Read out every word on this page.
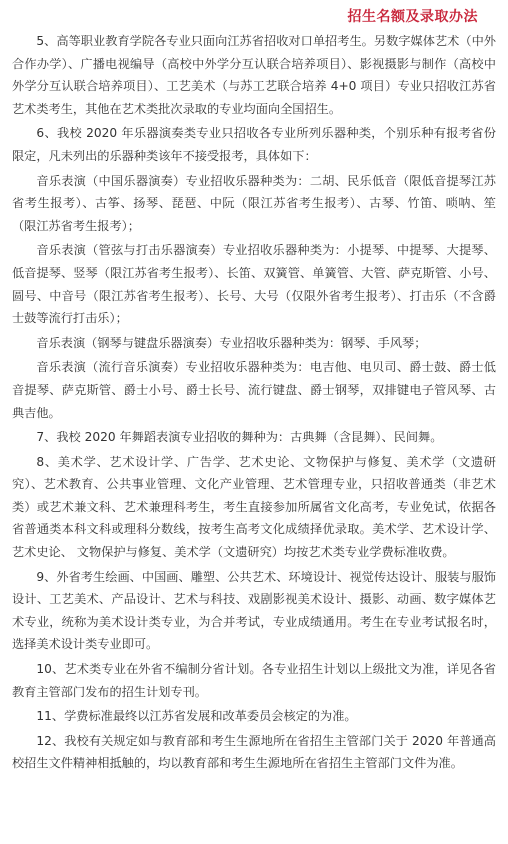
招生名额及录取办法

5、高等职业教育学院各专业只面向江苏省招收对口单招考生。另数字媒体艺术（中外合作办学）、广播电视编导（高校中外学分互认联合培养项目）、影视摄影与制作（高校中外学分互认联合培养项目）、工艺美术（与苏工艺联合培养 4+0 项目）专业只招收江苏省艺术类考生，其他在艺术类批次录取的专业均面向全国招生。

6、我校 2020 年乐器演奏类专业只招收各专业所列乐器种类，个别乐种有报考省份限定，凡未列出的乐器种类该年不接受报考，具体如下：

音乐表演（中国乐器演奏）专业招收乐器种类为：二胡、民乐低音（限低音提琴江苏省考生报考）、古筝、扬琴、琵琶、中阮（限江苏省考生报考）、古琴、竹笛、唢呐、笙（限江苏省考生报考）；

音乐表演（管弦与打击乐器演奏）专业招收乐器种类为：小提琴、中提琴、大提琴、低音提琴、竖琴（限江苏省考生报考）、长笛、双簧管、单簧管、大管、萨克斯管、小号、圆号、中音号（限江苏省考生报考）、长号、大号（仅限外省考生报考）、打击乐（不含爵士鼓等流行打击乐）；

音乐表演（钢琴与键盘乐器演奏）专业招收乐器种类为：钢琴、手风琴；

音乐表演（流行音乐演奏）专业招收乐器种类为：电吉他、电贝司、爵士鼓、爵士低音提琴、萨克斯管、爵士小号、爵士长号、流行键盘、爵士钢琴，双排键电子管风琴、古典吉他。

7、我校 2020 年舞蹈表演专业招收的舞种为：古典舞（含昆舞）、民间舞。

8、美术学、艺术设计学、广告学、艺术史论、文物保护与修复、美术学（文遗研究）、艺术教育、公共事业管理、文化产业管理、艺术管理专业，只招收普通类（非艺术类）或艺术兼文科、艺术兼理科考生，考生直接参加所属省文化高考，专业免试，依据各省普通类本科文科或理科分数线，按考生高考文化成绩择优录取。美术学、艺术设计学、艺术史论、 文物保护与修复、美术学（文遗研究）均按艺术类专业学费标准收费。

9、外省考生绘画、中国画、雕塑、公共艺术、环境设计、视觉传达设计、服装与服饰设计、工艺美术、产品设计、艺术与科技、戏剧影视美术设计、摄影、动画、数字媒体艺术专业，统称为美术设计类专业，为合并考试，专业成绩通用。考生在专业考试报名时，选择美术设计类专业即可。

10、艺术类专业在外省不编制分省计划。各专业招生计划以上级批文为准，详见各省教育主管部门发布的招生计划专刊。

11、学费标准最终以江苏省发展和改革委员会核定的为准。

12、我校有关规定如与教育部和考生生源地所在省招生主管部门关于 2020 年普通高校招生文件精神相抵触的，均以教育部和考生生源地所在省招生主管部门文件为准。
